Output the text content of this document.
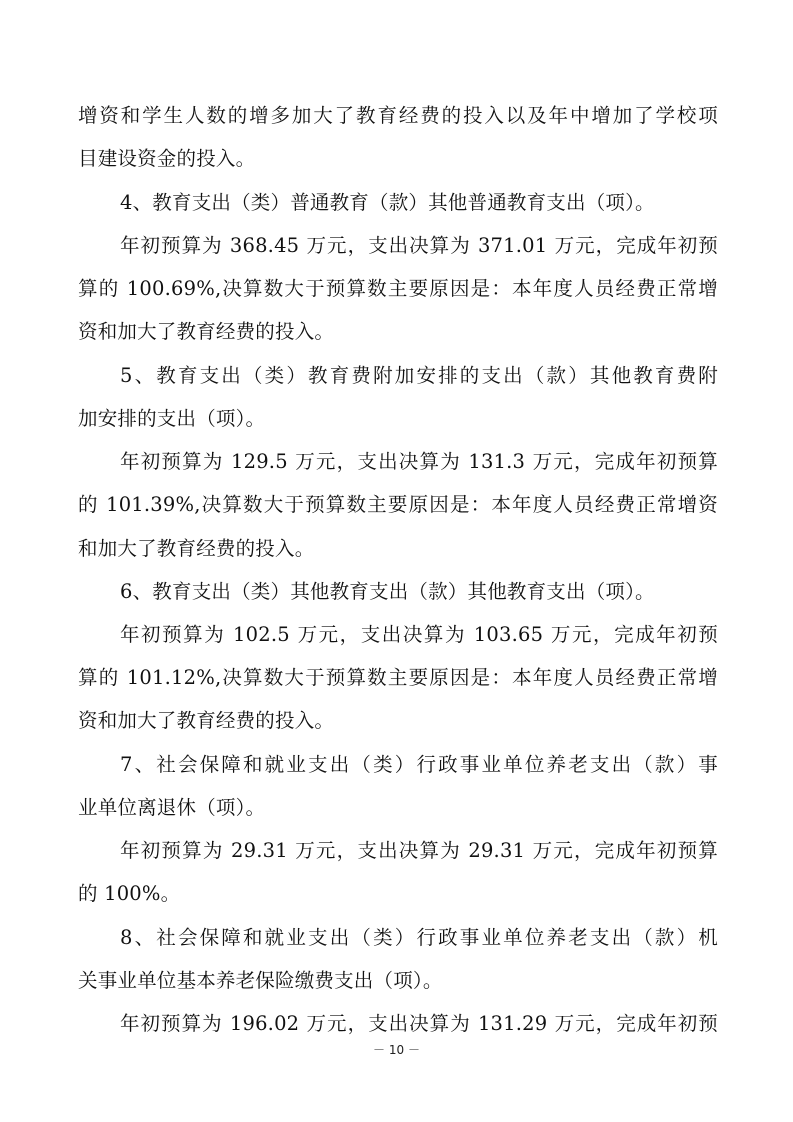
增资和学生人数的增多加大了教育经费的投入以及年中增加了学校项
目建设资金的投入。
4、教育支出（类）普通教育（款）其他普通教育支出（项）。
年初预算为 368.45 万元，支出决算为 371.01 万元，完成年初预
算的 100.69%,决算数大于预算数主要原因是：本年度人员经费正常增
资和加大了教育经费的投入。
5、教育支出（类）教育费附加安排的支出（款）其他教育费附
加安排的支出（项）。
年初预算为 129.5 万元，支出决算为 131.3 万元，完成年初预算
的 101.39%,决算数大于预算数主要原因是：本年度人员经费正常增资
和加大了教育经费的投入。
6、教育支出（类）其他教育支出（款）其他教育支出（项）。
年初预算为 102.5 万元，支出决算为 103.65 万元，完成年初预
算的 101.12%,决算数大于预算数主要原因是：本年度人员经费正常增
资和加大了教育经费的投入。
7、社会保障和就业支出（类）行政事业单位养老支出（款）事
业单位离退休（项）。
年初预算为 29.31 万元，支出决算为 29.31 万元，完成年初预算
的 100%。
8、社会保障和就业支出（类）行政事业单位养老支出（款）机
关事业单位基本养老保险缴费支出（项）。
年初预算为 196.02 万元，支出决算为 131.29 万元，完成年初预
－ 10 －
